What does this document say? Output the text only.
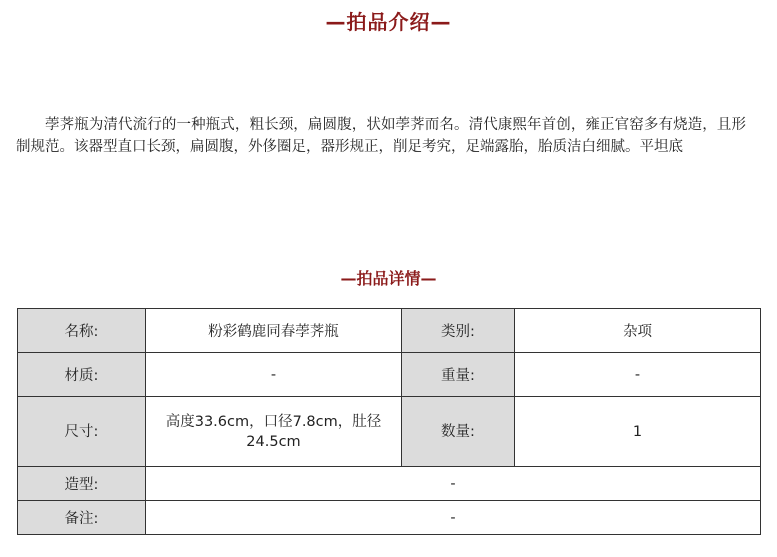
—拍品介绍—

荸荠瓶为清代流行的一种瓶式，粗长颈，扁圆腹，状如荸荠而名。清代康熙年首创，雍正官窑多有烧造，且形制规范。该器型直口长颈，扁圆腹，外侈圈足，器形规正，削足考究，足端露胎，胎质洁白细腻。平坦底

—拍品详情—
名称:	粉彩鹤鹿同春荸荠瓶	类别:	杂项
材质:	-	重量:	-
尺寸:	高度33.6cm，口径7.8cm，肚径24.5cm	数量:	1
造型:	-		
备注:	-		
